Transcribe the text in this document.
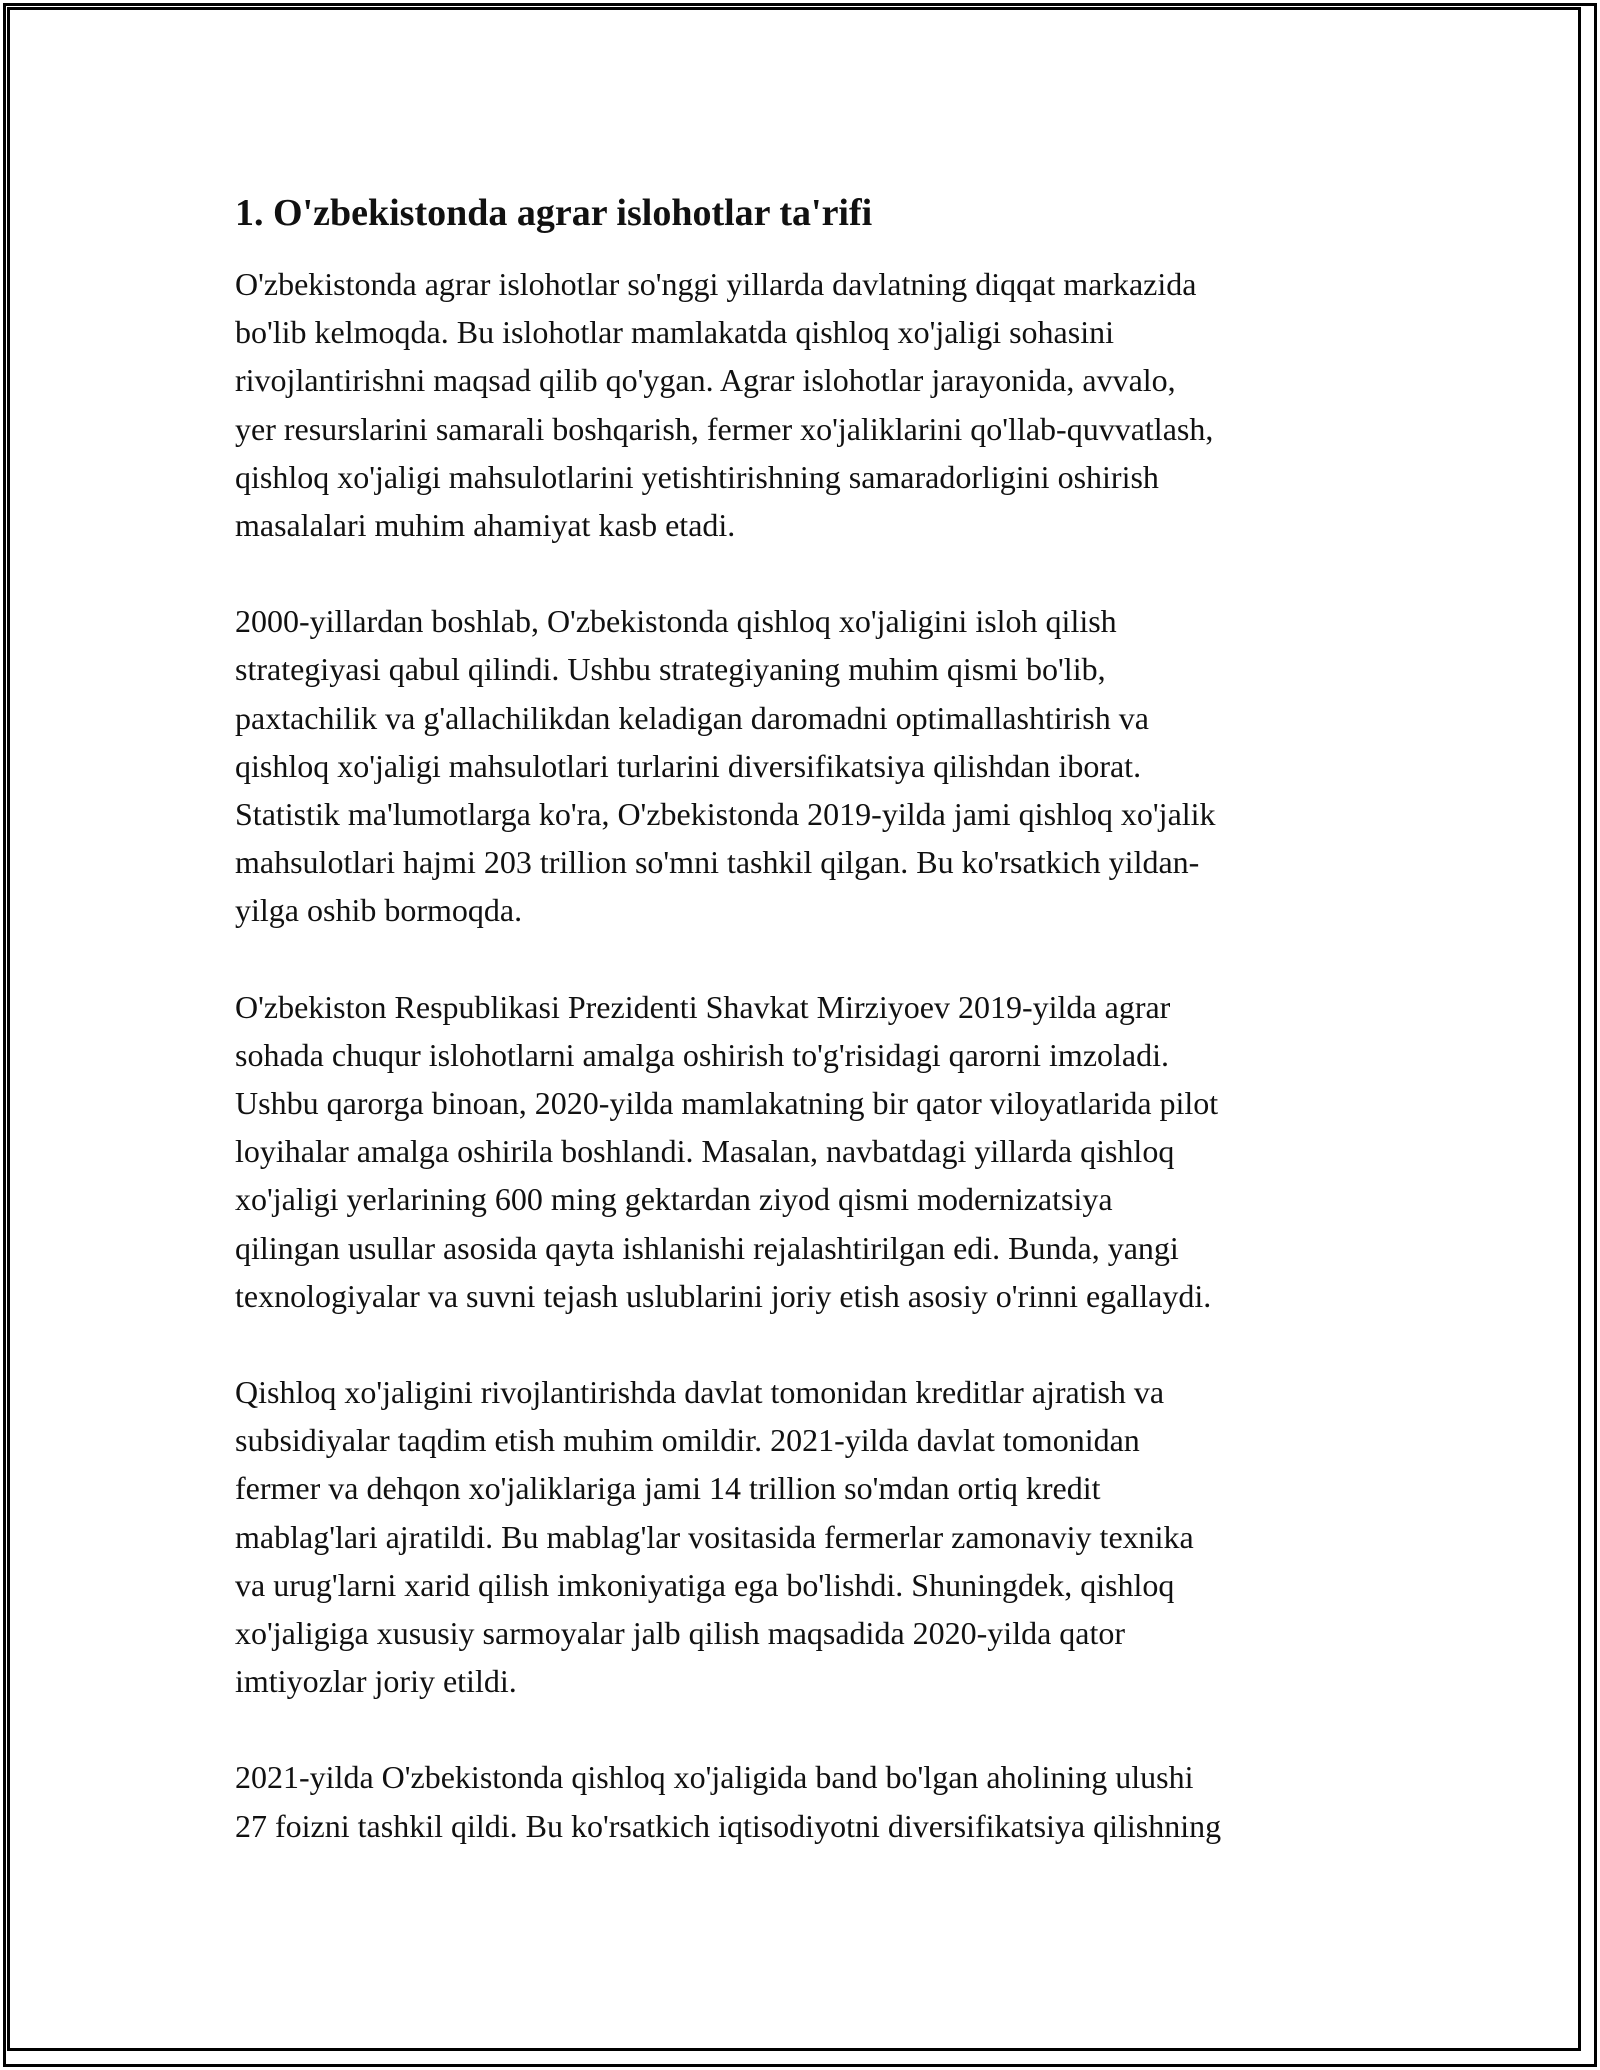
1. O'zbekistonda agrar islohotlar ta'rifi

O'zbekistonda agrar islohotlar so'nggi yillarda davlatning diqqat markazida
bo'lib kelmoqda. Bu islohotlar mamlakatda qishloq xo'jaligi sohasini
rivojlantirishni maqsad qilib qo'ygan. Agrar islohotlar jarayonida, avvalo,
yer resurslarini samarali boshqarish, fermer xo'jaliklarini qo'llab-quvvatlash,
qishloq xo'jaligi mahsulotlarini yetishtirishning samaradorligini oshirish
masalalari muhim ahamiyat kasb etadi.

2000-yillardan boshlab, O'zbekistonda qishloq xo'jaligini isloh qilish
strategiyasi qabul qilindi. Ushbu strategiyaning muhim qismi bo'lib,
paxtachilik va g'allachilikdan keladigan daromadni optimallashtirish va
qishloq xo'jaligi mahsulotlari turlarini diversifikatsiya qilishdan iborat.
Statistik ma'lumotlarga ko'ra, O'zbekistonda 2019-yilda jami qishloq xo'jalik
mahsulotlari hajmi 203 trillion so'mni tashkil qilgan. Bu ko'rsatkich yildan-
yilga oshib bormoqda.

O'zbekiston Respublikasi Prezidenti Shavkat Mirziyoev 2019-yilda agrar
sohada chuqur islohotlarni amalga oshirish to'g'risidagi qarorni imzoladi.
Ushbu qarorga binoan, 2020-yilda mamlakatning bir qator viloyatlarida pilot
loyihalar amalga oshirila boshlandi. Masalan, navbatdagi yillarda qishloq
xo'jaligi yerlarining 600 ming gektardan ziyod qismi modernizatsiya
qilingan usullar asosida qayta ishlanishi rejalashtirilgan edi. Bunda, yangi
texnologiyalar va suvni tejash uslublarini joriy etish asosiy o'rinni egallaydi.

Qishloq xo'jaligini rivojlantirishda davlat tomonidan kreditlar ajratish va
subsidiyalar taqdim etish muhim omildir. 2021-yilda davlat tomonidan
fermer va dehqon xo'jaliklariga jami 14 trillion so'mdan ortiq kredit
mablag'lari ajratildi. Bu mablag'lar vositasida fermerlar zamonaviy texnika
va urug'larni xarid qilish imkoniyatiga ega bo'lishdi. Shuningdek, qishloq
xo'jaligiga xususiy sarmoyalar jalb qilish maqsadida 2020-yilda qator
imtiyozlar joriy etildi.

2021-yilda O'zbekistonda qishloq xo'jaligida band bo'lgan aholining ulushi
27 foizni tashkil qildi. Bu ko'rsatkich iqtisodiyotni diversifikatsiya qilishning
